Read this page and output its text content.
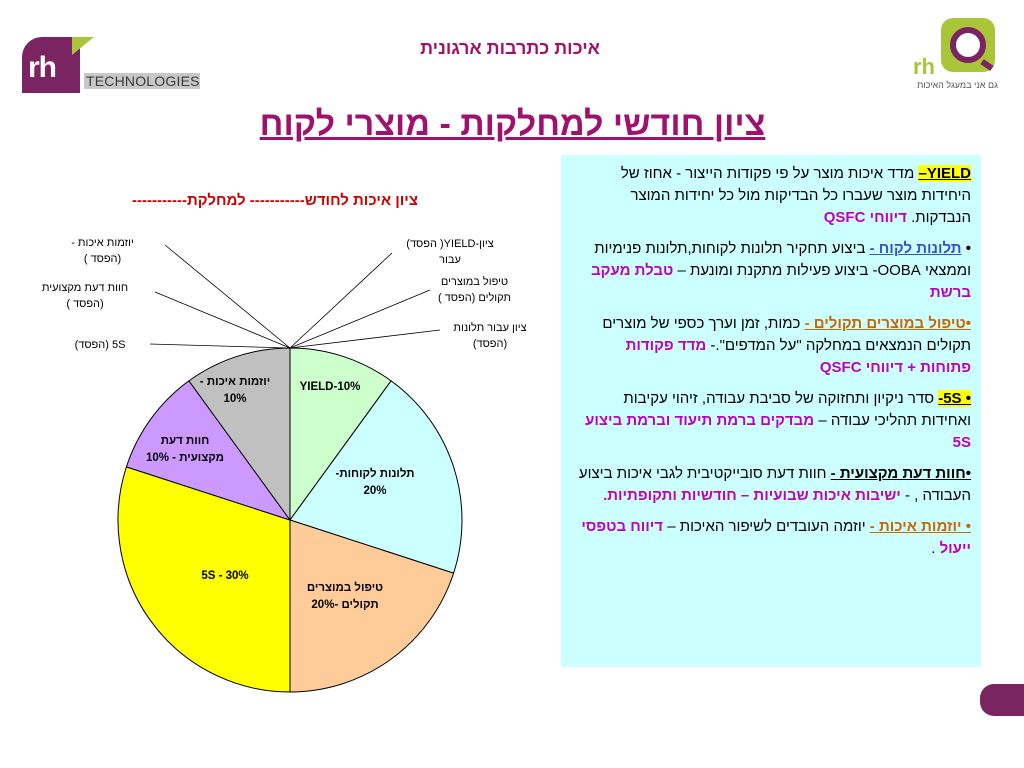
rh TECHNOLOGIES
rh
גם אני במעגל האיכות
איכות כתרבות ארגונית
ציון חודשי למחלקות - מוצרי לקוח
ציון איכות לחודש----------- למחלקת-----------
ציון-YIELD( הפסד)
עבור
טיפול במוצרים
תקולים (הפסד )
ציון עבור תלונות
(הפסד)
יוזמות איכות -
(הפסד )
חוות דעת מקצועית
(הפסד )
5S (הפסד)
10%-YIELD
תלונות לקוחות-
20%
טיפול במוצרים
תקולים -20%
30% - 5S
חוות דעת
מקצועית - 10%
יוזמות איכות -
10%

YIELD– מדד איכות מוצר על פי פקודות הייצור - אחוז של היחידות מוצר שעברו כל הבדיקות מול כל יחידות המוצר הנבדקות. דיווחי QSFC

• תלונות לקוח - ביצוע תחקיר תלונות לקוחות,תלונות פנימיות וממצאי OOBA- ביצוע פעילות מתקנת ומונעת – טבלת מעקב ברשת

•טיפול במוצרים תקולים - כמות, זמן וערך כספי של מוצרים תקולים הנמצאים במחלקה "על המדפים".- מדד פקודות פתוחות + דיווחי QSFC

• 5S- סדר ניקיון ותחזוקה של סביבת עבודה, זיהוי עקיבות ואחידות תהליכי עבודה – מבדקים ברמת תיעוד וברמת ביצוע 5S

•חוות דעת מקצועית - חוות דעת סובייקטיבית לגבי איכות ביצוע העבודה , - ישיבות איכות שבועיות – חודשיות ותקופתיות.

• יוזמות איכות - יוזמה העובדים לשיפור האיכות – דיווח בטפסי ייעול .
